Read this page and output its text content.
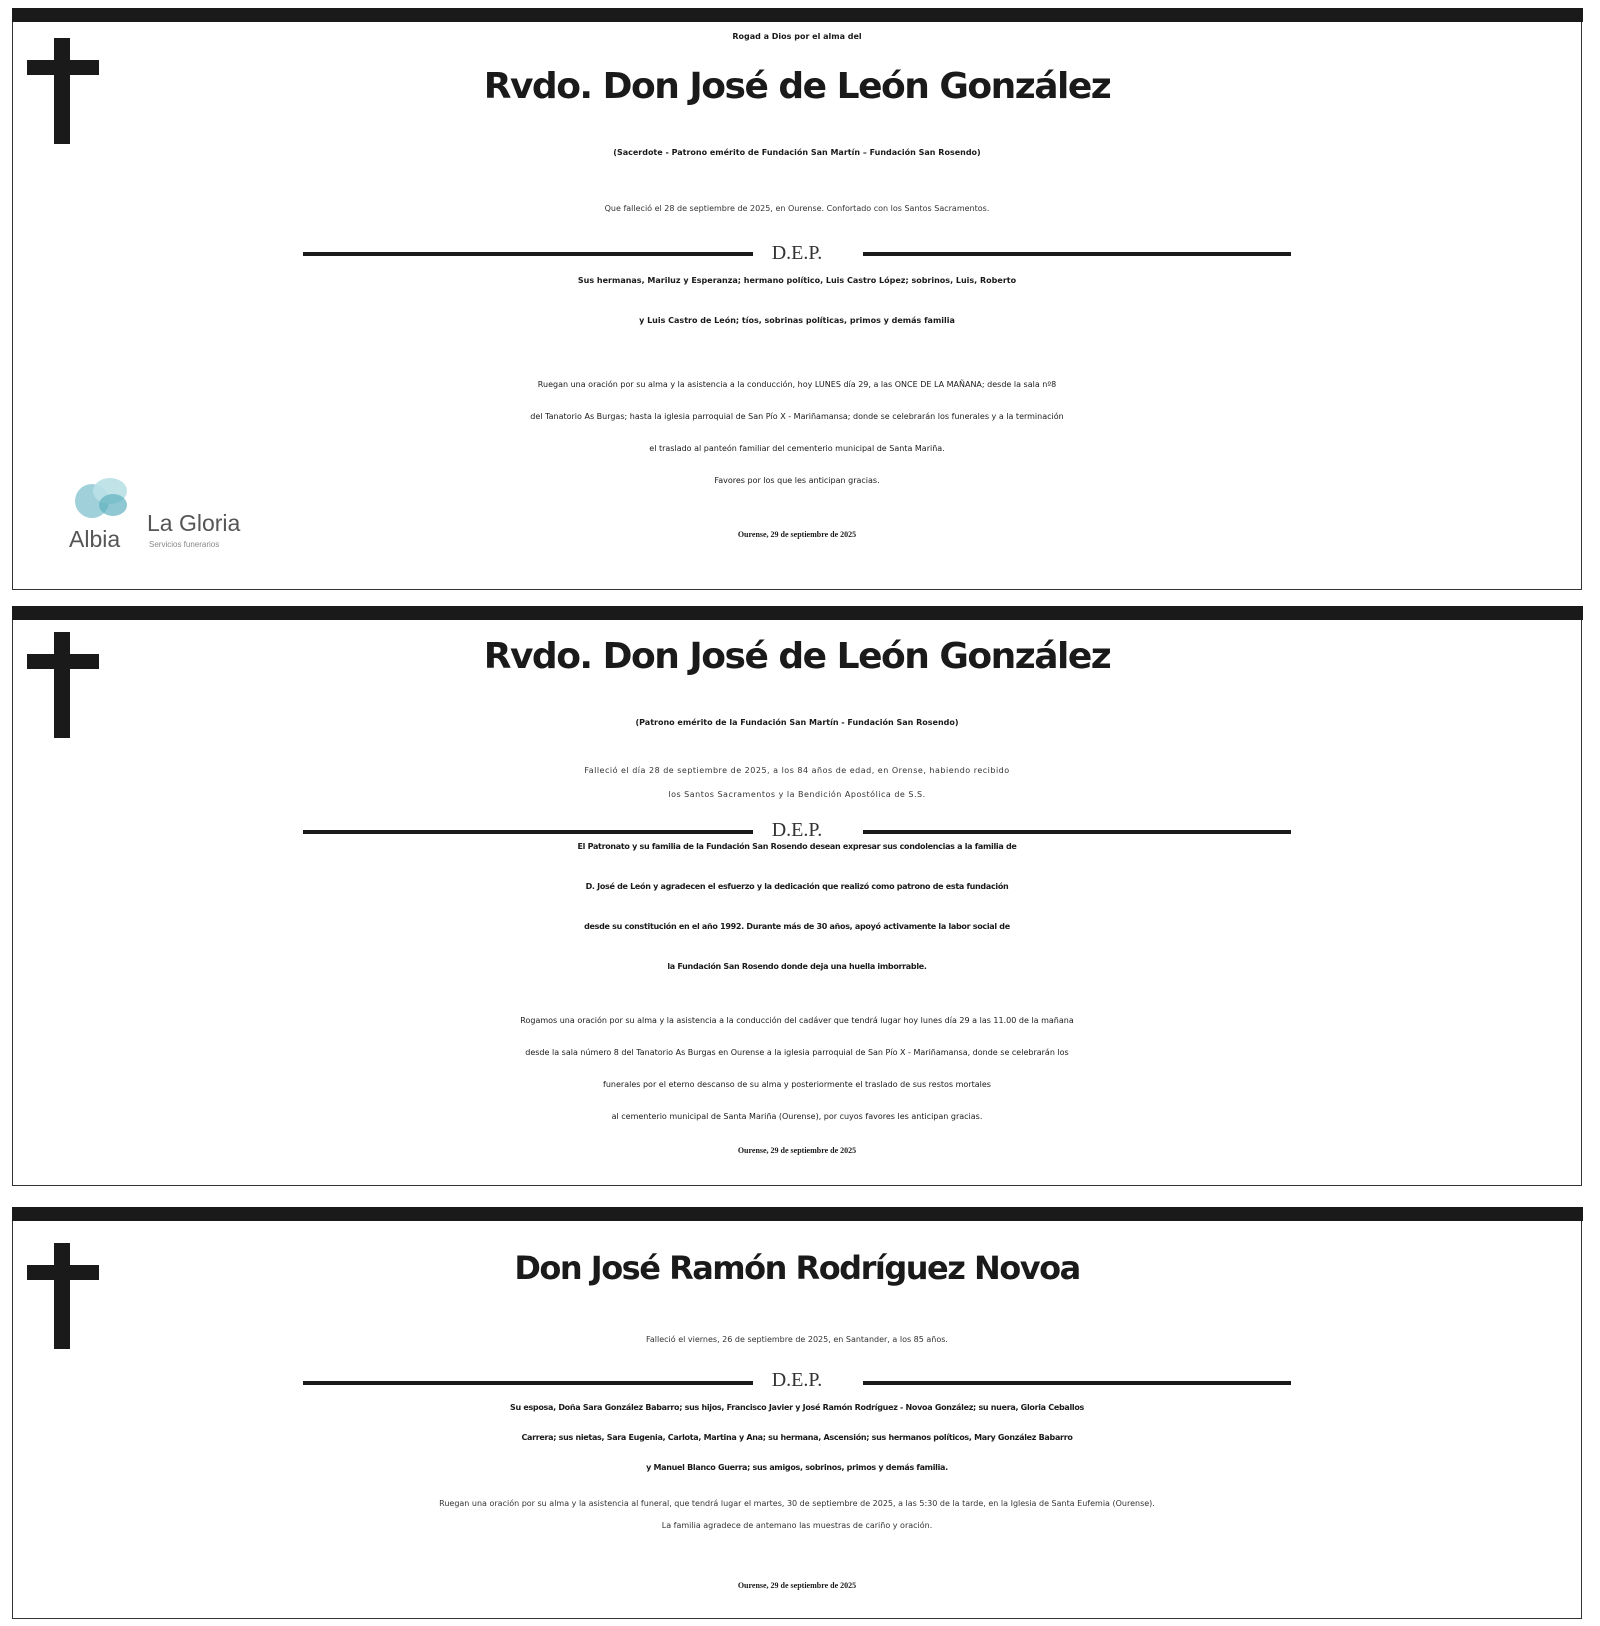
Rogad a Dios por el alma del
Rvdo. Don José de León González
(Sacerdote - Patrono emérito de Fundación San Martín – Fundación San Rosendo)
Que falleció el 28 de septiembre de 2025, en Ourense. Confortado con los Santos Sacramentos.
D.E.P.
Sus hermanas, Mariluz y Esperanza; hermano político, Luis Castro López; sobrinos, Luis, Roberto
y Luis Castro de León; tíos, sobrinas políticas, primos y demás familia
Ruegan una oración por su alma y la asistencia a la conducción, hoy LUNES día 29, a las ONCE DE LA MAÑANA; desde la sala nº8
del Tanatorio As Burgas; hasta la iglesia parroquial de San Pío X - Mariñamansa; donde se celebrarán los funerales y a la terminación
el traslado al panteón familiar del cementerio municipal de Santa Mariña.
Favores por los que les anticipan gracias.
Ourense, 29 de septiembre de 2025
Albia
La Gloria
Servicios funerarios
Rvdo. Don José de León González
(Patrono emérito de la Fundación San Martín - Fundación San Rosendo)
Falleció el día 28 de septiembre de 2025, a los 84 años de edad, en Orense, habiendo recibido
los Santos Sacramentos y la Bendición Apostólica de S.S.
D.E.P.
El Patronato y su familia de la Fundación San Rosendo desean expresar sus condolencias a la familia de
D. José de León y agradecen el esfuerzo y la dedicación que realizó como patrono de esta fundación
desde su constitución en el año 1992. Durante más de 30 años, apoyó activamente la labor social de
la Fundación San Rosendo donde deja una huella imborrable.
Rogamos una oración por su alma y la asistencia a la conducción del cadáver que tendrá lugar hoy lunes día 29 a las 11.00 de la mañana
desde la sala número 8 del Tanatorio As Burgas en Ourense a la iglesia parroquial de San Pío X - Mariñamansa, donde se celebrarán los
funerales por el eterno descanso de su alma y posteriormente el traslado de sus restos mortales
al cementerio municipal de Santa Mariña (Ourense), por cuyos favores les anticipan gracias.
Ourense, 29 de septiembre de 2025
Don José Ramón Rodríguez Novoa
Falleció el viernes, 26 de septiembre de 2025, en Santander, a los 85 años.
D.E.P.
Su esposa, Doña Sara González Babarro; sus hijos, Francisco Javier y José Ramón Rodríguez - Novoa González; su nuera, Gloria Ceballos
Carrera; sus nietas, Sara Eugenia, Carlota, Martina y Ana; su hermana, Ascensión; sus hermanos políticos, Mary González Babarro
y Manuel Blanco Guerra; sus amigos, sobrinos, primos y demás familia.
Ruegan una oración por su alma y la asistencia al funeral, que tendrá lugar el martes, 30 de septiembre de 2025, a las 5:30 de la tarde, en la Iglesia de Santa Eufemia (Ourense).
La familia agradece de antemano las muestras de cariño y oración.
Ourense, 29 de septiembre de 2025
